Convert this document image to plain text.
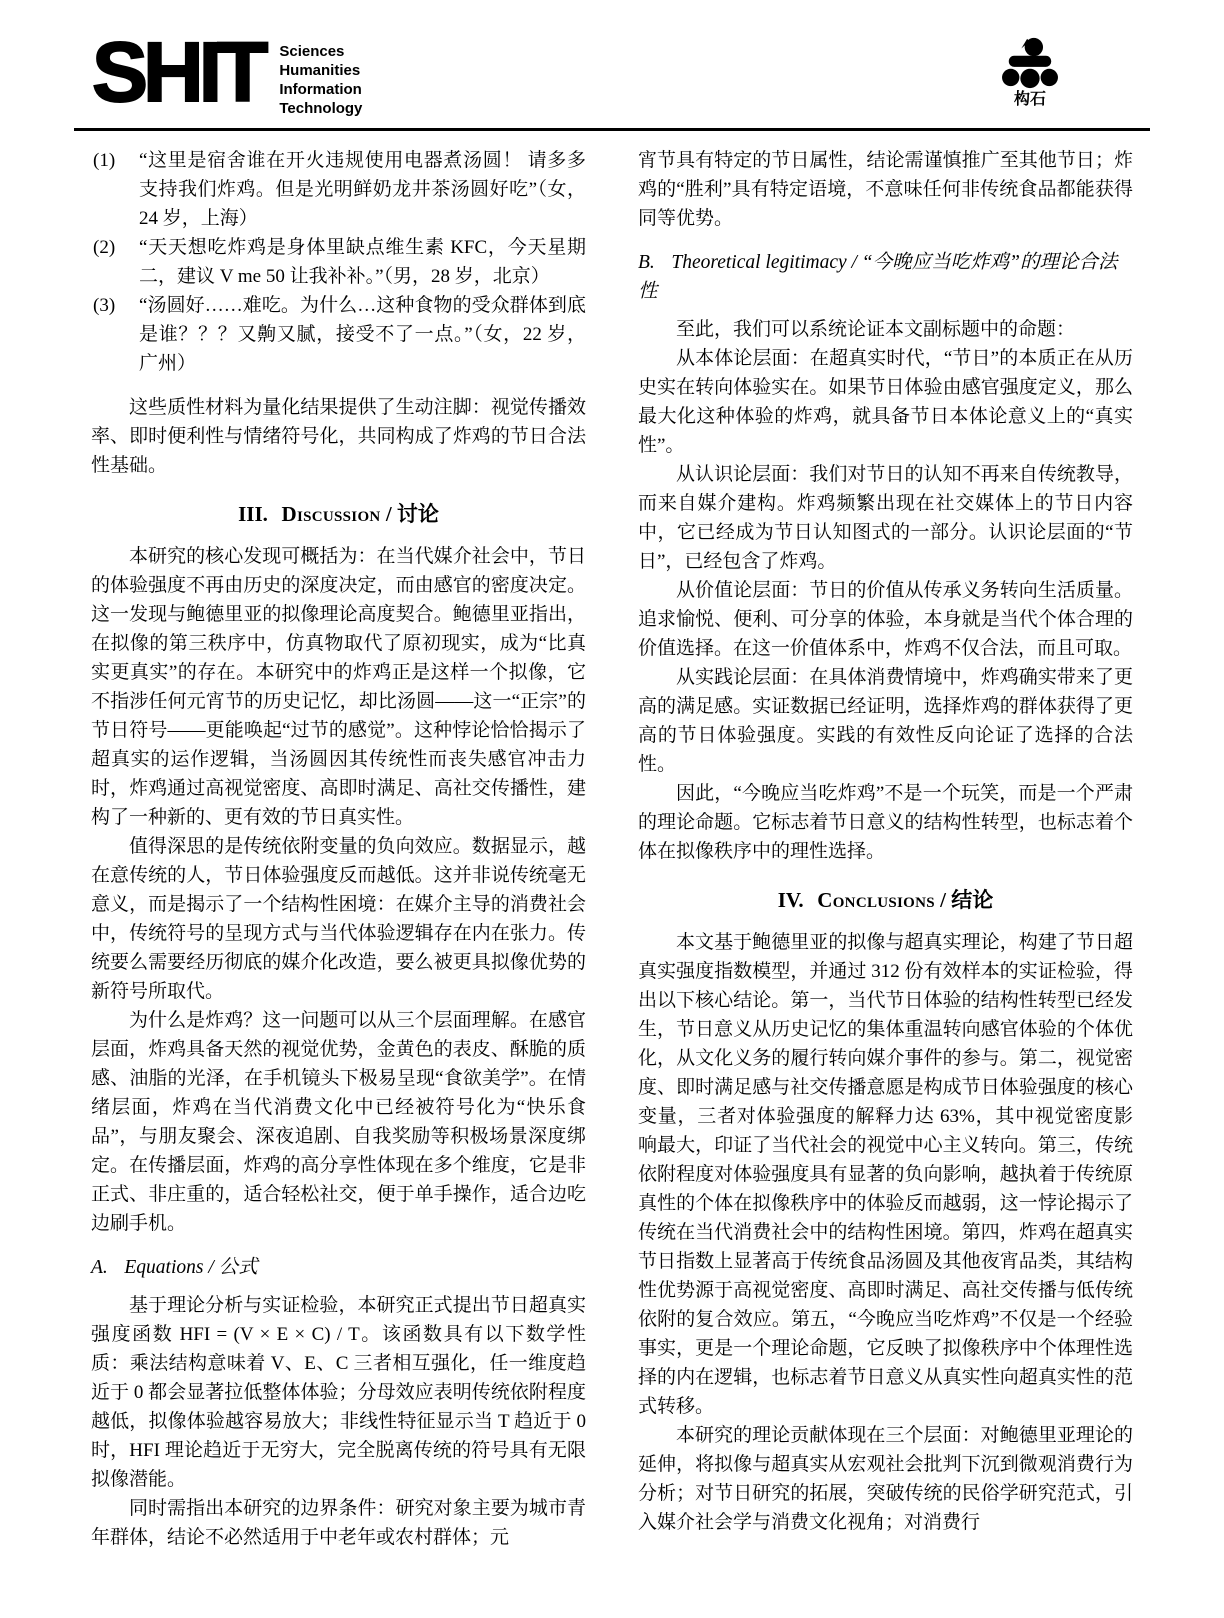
SHIT Sciences
Humanities
Information
Technology
构石
(1) “这里是宿舍谁在开火违规使用电器煮汤圆！ 请多多支持我们炸鸡。但是光明鲜奶龙井茶汤圆好吃”（女，24 岁，上海）
(2) “天天想吃炸鸡是身体里缺点维生素 KFC，今天星期二，建议 V me 50 让我补补。”（男，28 岁，北京）
(3) “汤圆好……难吃。为什么…这种食物的受众群体到底是谁？？？又齁又腻，接受不了一点。”（女，22 岁，广州）

这些质性材料为量化结果提供了生动注脚：视觉传播效率、即时便利性与情绪符号化，共同构成了炸鸡的节日合法性基础。

III. Discussion / 讨论

本研究的核心发现可概括为：在当代媒介社会中，节日的体验强度不再由历史的深度决定，而由感官的密度决定。这一发现与鲍德里亚的拟像理论高度契合。鲍德里亚指出，在拟像的第三秩序中，仿真物取代了原初现实，成为“比真实更真实”的存在。本研究中的炸鸡正是这样一个拟像，它不指涉任何元宵节的历史记忆，却比汤圆——这一“正宗”的节日符号——更能唤起“过节的感觉”。这种悖论恰恰揭示了超真实的运作逻辑，当汤圆因其传统性而丧失感官冲击力时，炸鸡通过高视觉密度、高即时满足、高社交传播性，建构了一种新的、更有效的节日真实性。

值得深思的是传统依附变量的负向效应。数据显示，越在意传统的人，节日体验强度反而越低。这并非说传统毫无意义，而是揭示了一个结构性困境：在媒介主导的消费社会中，传统符号的呈现方式与当代体验逻辑存在内在张力。传统要么需要经历彻底的媒介化改造，要么被更具拟像优势的新符号所取代。

为什么是炸鸡？这一问题可以从三个层面理解。在感官层面，炸鸡具备天然的视觉优势，金黄色的表皮、酥脆的质感、油脂的光泽，在手机镜头下极易呈现“食欲美学”。在情绪层面，炸鸡在当代消费文化中已经被符号化为“快乐食品”，与朋友聚会、深夜追剧、自我奖励等积极场景深度绑定。在传播层面，炸鸡的高分享性体现在多个维度，它是非正式、非庄重的，适合轻松社交，便于单手操作，适合边吃边刷手机。

A. Equations / 公式

基于理论分析与实证检验，本研究正式提出节日超真实强度函数 HFI = (V × E × C) / T。该函数具有以下数学性质：乘法结构意味着 V、E、C 三者相互强化，任一维度趋近于 0 都会显著拉低整体体验；分母效应表明传统依附程度越低，拟像体验越容易放大；非线性特征显示当 T 趋近于 0 时，HFI 理论趋近于无穷大，完全脱离传统的符号具有无限拟像潜能。

同时需指出本研究的边界条件：研究对象主要为城市青年群体，结论不必然适用于中老年或农村群体；元

宵节具有特定的节日属性，结论需谨慎推广至其他节日；炸鸡的“胜利”具有特定语境，不意味任何非传统食品都能获得同等优势。

B. Theoretical legitimacy / “今晚应当吃炸鸡”的理论合法性

至此，我们可以系统论证本文副标题中的命题：

从本体论层面：在超真实时代，“节日”的本质正在从历史实在转向体验实在。如果节日体验由感官强度定义，那么最大化这种体验的炸鸡，就具备节日本体论意义上的“真实性”。

从认识论层面：我们对节日的认知不再来自传统教导，而来自媒介建构。炸鸡频繁出现在社交媒体上的节日内容中，它已经成为节日认知图式的一部分。认识论层面的“节日”，已经包含了炸鸡。

从价值论层面：节日的价值从传承义务转向生活质量。追求愉悦、便利、可分享的体验，本身就是当代个体合理的价值选择。在这一价值体系中，炸鸡不仅合法，而且可取。

从实践论层面：在具体消费情境中，炸鸡确实带来了更高的满足感。实证数据已经证明，选择炸鸡的群体获得了更高的节日体验强度。实践的有效性反向论证了选择的合法性。

因此，“今晚应当吃炸鸡”不是一个玩笑，而是一个严肃的理论命题。它标志着节日意义的结构性转型，也标志着个体在拟像秩序中的理性选择。

IV. Conclusions / 结论

本文基于鲍德里亚的拟像与超真实理论，构建了节日超真实强度指数模型，并通过 312 份有效样本的实证检验，得出以下核心结论。第一，当代节日体验的结构性转型已经发生，节日意义从历史记忆的集体重温转向感官体验的个体优化，从文化义务的履行转向媒介事件的参与。第二，视觉密度、即时满足感与社交传播意愿是构成节日体验强度的核心变量，三者对体验强度的解释力达 63%，其中视觉密度影响最大，印证了当代社会的视觉中心主义转向。第三，传统依附程度对体验强度具有显著的负向影响，越执着于传统原真性的个体在拟像秩序中的体验反而越弱，这一悖论揭示了传统在当代消费社会中的结构性困境。第四，炸鸡在超真实节日指数上显著高于传统食品汤圆及其他夜宵品类，其结构性优势源于高视觉密度、高即时满足、高社交传播与低传统依附的复合效应。第五，“今晚应当吃炸鸡”不仅是一个经验事实，更是一个理论命题，它反映了拟像秩序中个体理性选择的内在逻辑，也标志着节日意义从真实性向超真实性的范式转移。

本研究的理论贡献体现在三个层面：对鲍德里亚理论的延伸，将拟像与超真实从宏观社会批判下沉到微观消费行为分析；对节日研究的拓展，突破传统的民俗学研究范式，引入媒介社会学与消费文化视角；对消费行
